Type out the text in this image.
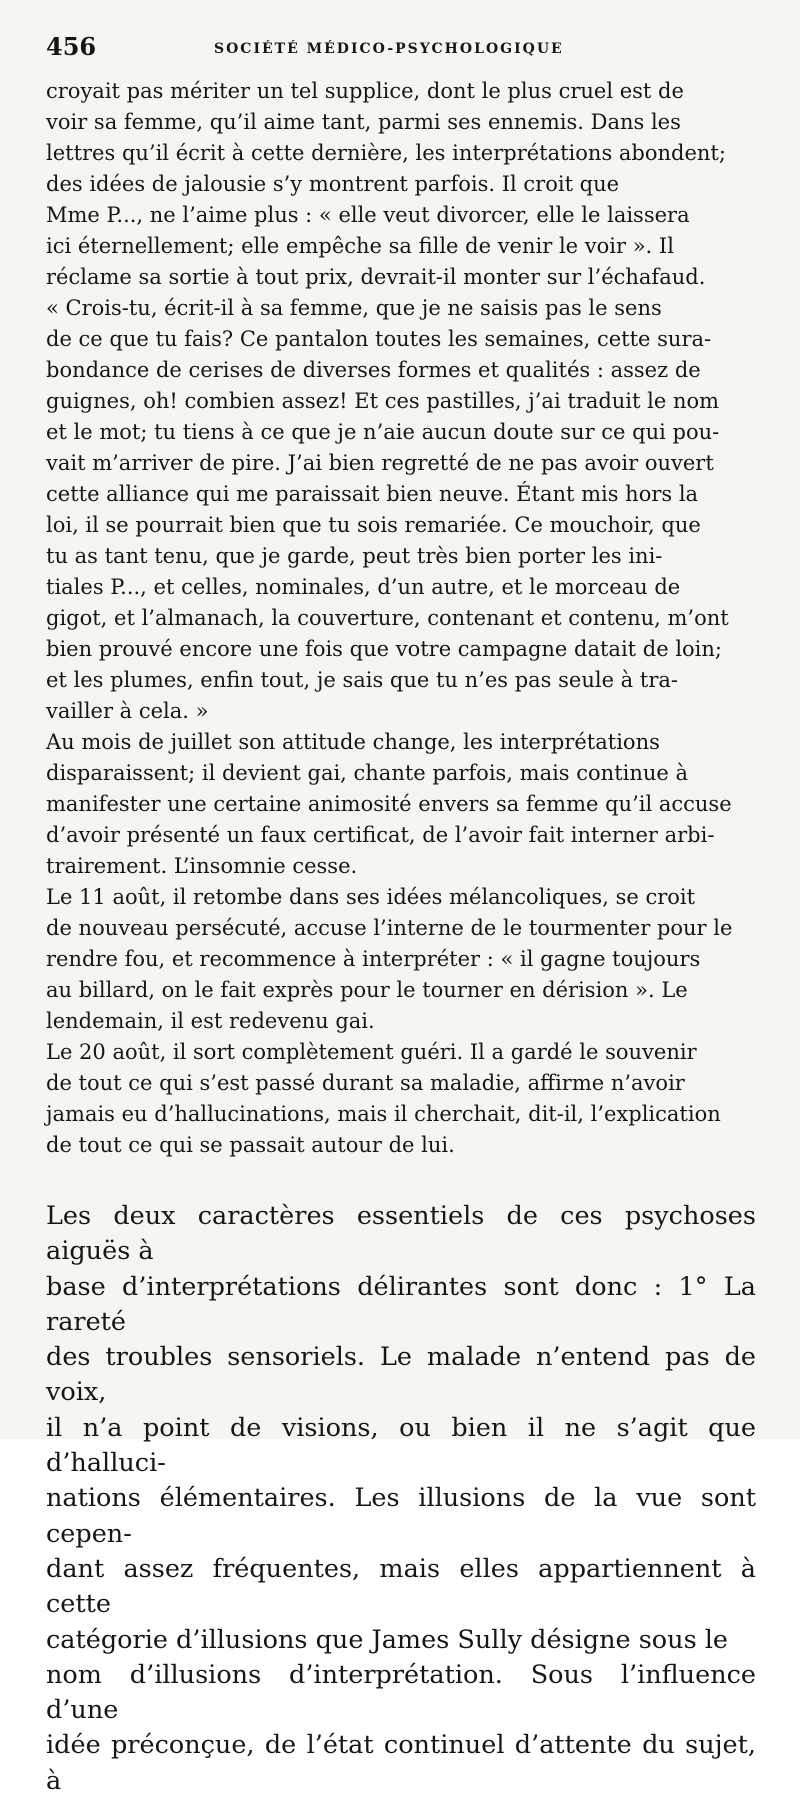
456	SOCIÉTÉ MÉDICO-PSYCHOLOGIQUE

croyait pas mériter un tel supplice, dont le plus cruel est de
voir sa femme, qu’il aime tant, parmi ses ennemis. Dans les
lettres qu’il écrit à cette dernière, les interprétations abondent;
des idées de jalousie s’y montrent parfois. Il croit que
Mme P..., ne l’aime plus : « elle veut divorcer, elle le laissera
ici éternellement; elle empêche sa fille de venir le voir ». Il
réclame sa sortie à tout prix, devrait-il monter sur l’échafaud.

« Crois-tu, écrit-il à sa femme, que je ne saisis pas le sens
de ce que tu fais? Ce pantalon toutes les semaines, cette sura-
bondance de cerises de diverses formes et qualités : assez de
guignes, oh! combien assez! Et ces pastilles, j’ai traduit le nom
et le mot; tu tiens à ce que je n’aie aucun doute sur ce qui pou-
vait m’arriver de pire. J’ai bien regretté de ne pas avoir ouvert
cette alliance qui me paraissait bien neuve. Étant mis hors la
loi, il se pourrait bien que tu sois remariée. Ce mouchoir, que
tu as tant tenu, que je garde, peut très bien porter les ini-
tiales P..., et celles, nominales, d’un autre, et le morceau de
gigot, et l’almanach, la couverture, contenant et contenu, m’ont
bien prouvé encore une fois que votre campagne datait de loin;
et les plumes, enfin tout, je sais que tu n’es pas seule à tra-
vailler à cela. »

Au mois de juillet son attitude change, les interprétations
disparaissent; il devient gai, chante parfois, mais continue à
manifester une certaine animosité envers sa femme qu’il accuse
d’avoir présenté un faux certificat, de l’avoir fait interner arbi-
trairement. L’insomnie cesse.

Le 11 août, il retombe dans ses idées mélancoliques, se croit
de nouveau persécuté, accuse l’interne de le tourmenter pour le
rendre fou, et recommence à interpréter : « il gagne toujours
au billard, on le fait exprès pour le tourner en dérision ». Le
lendemain, il est redevenu gai.

Le 20 août, il sort complètement guéri. Il a gardé le souvenir
de tout ce qui s’est passé durant sa maladie, affirme n’avoir
jamais eu d’hallucinations, mais il cherchait, dit-il, l’explication
de tout ce qui se passait autour de lui.

Les deux caractères essentiels de ces psychoses aiguës à
base d’interprétations délirantes sont donc : 1° La rareté
des troubles sensoriels. Le malade n’entend pas de voix,
il n’a point de visions, ou bien il ne s’agit que d’halluci-
nations élémentaires. Les illusions de la vue sont cepen-
dant assez fréquentes, mais elles appartiennent à cette
catégorie d’illusions que James Sully désigne sous le
nom d’illusions d’interprétation. Sous l’influence d’une
idée préconçue, de l’état continuel d’attente du sujet, à
